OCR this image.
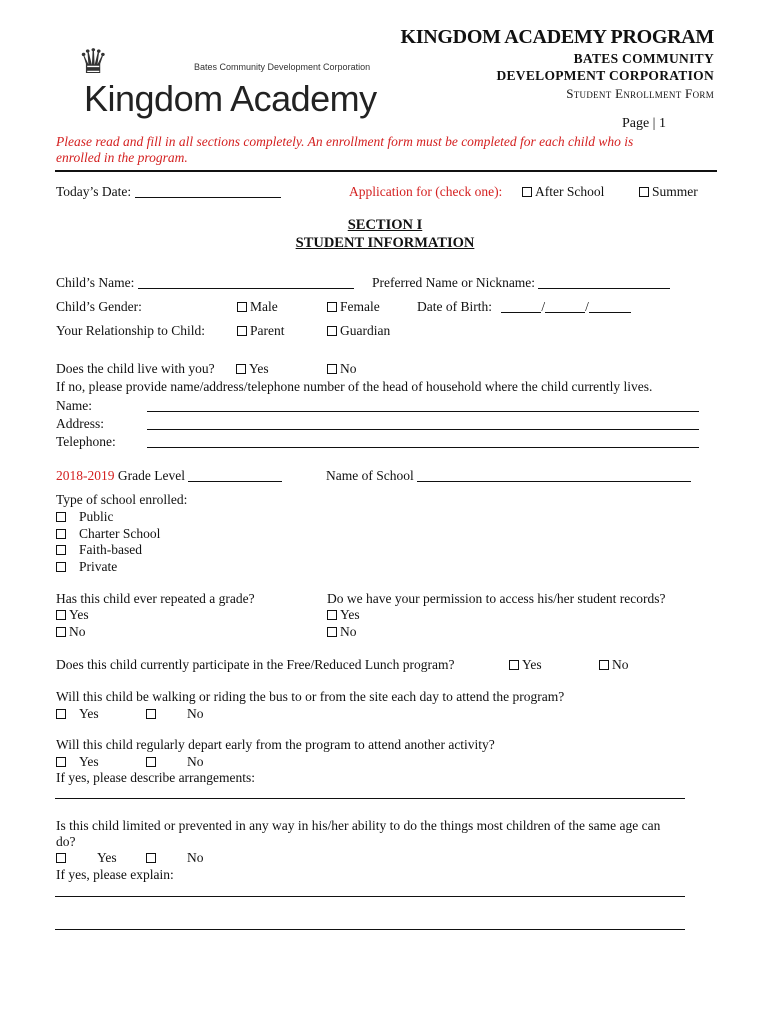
♛	Bates Community Development Corporation
Kingdom Academy
KINGDOM ACADEMY PROGRAM
BATES COMMUNITY
DEVELOPMENT CORPORATION
Student Enrollment Form
Page | 1
Please read and fill in all sections completely. An enrollment form must be completed for each child who is
enrolled in the program.
Today’s Date:	Application for (check one):	After School	Summer
SECTION I
STUDENT INFORMATION
Child’s Name:	Preferred Name or Nickname:
Child’s Gender:	Male	Female	Date of Birth:	/	/
Your Relationship to Child:	Parent	Guardian
Does the child live with you?	Yes	No
If no, please provide name/address/telephone number of the head of household where the child currently lives.
Name:
Address:
Telephone:
2018-2019 Grade Level	Name of School
Type of school enrolled:
Public
Charter School
Faith-based
Private
Has this child ever repeated a grade?
Yes
No
Do we have your permission to access his/her student records?
Yes
No
Does this child currently participate in the Free/Reduced Lunch program?	Yes	No
Will this child be walking or riding the bus to or from the site each day to attend the program?
Yes	No
Will this child regularly depart early from the program to attend another activity?
Yes	No
If yes, please describe arrangements:
Is this child limited or prevented in any way in his/her ability to do the things most children of the same age can
do?
Yes	No
If yes, please explain:
